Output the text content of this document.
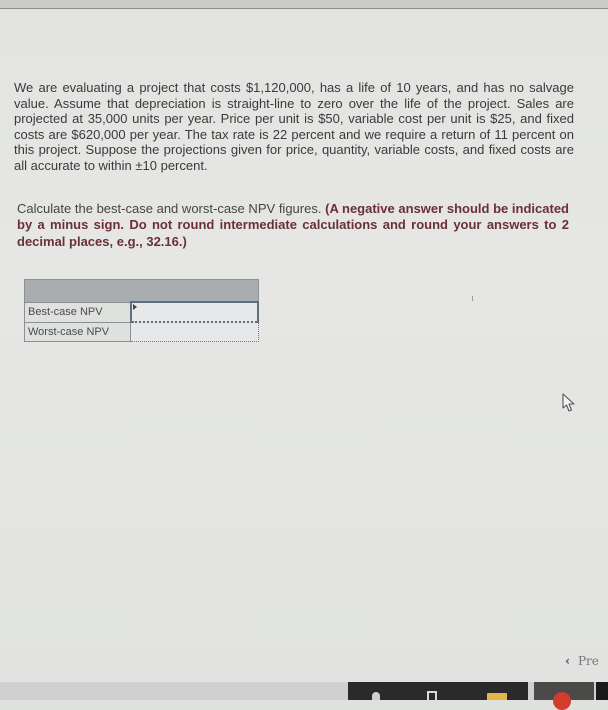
We are evaluating a project that costs $1,120,000, has a life of 10 years, and has no salvage value. Assume that depreciation is straight-line to zero over the life of the project. Sales are projected at 35,000 units per year. Price per unit is $50, variable cost per unit is $25, and fixed costs are $620,000 per year. The tax rate is 22 percent and we require a return of 11 percent on this project. Suppose the projections given for price, quantity, variable costs, and fixed costs are all accurate to within ±10 percent.

Calculate the best-case and worst-case NPV figures. (A negative answer should be indicated by a minus sign. Do not round intermediate calculations and round your answers to 2 decimal places, e.g., 32.16.)

Best-case NPV	

Worst-case NPV	
‹ Pre
